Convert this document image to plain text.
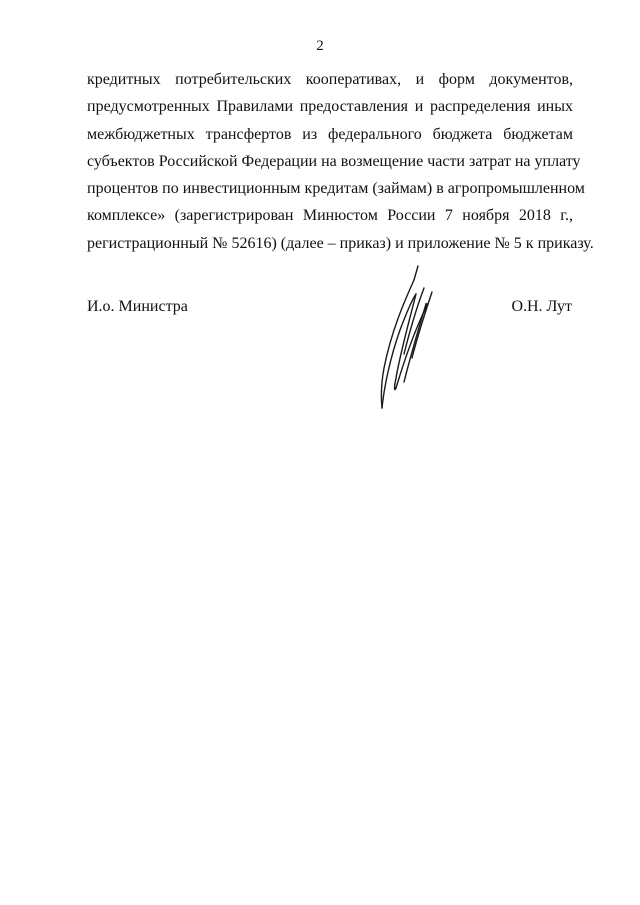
2
кредитных потребительских кооперативах, и форм документов,
предусмотренных Правилами предоставления и распределения иных
межбюджетных трансфертов из федерального бюджета бюджетам
субъектов Российской Федерации на возмещение части затрат на уплату
процентов по инвестиционным кредитам (займам) в агропромышленном
комплексе» (зарегистрирован Минюстом России 7 ноября 2018 г.,
регистрационный № 52616) (далее – приказ) и приложение № 5 к приказу.
И.о. Министра	О.Н. Лут
